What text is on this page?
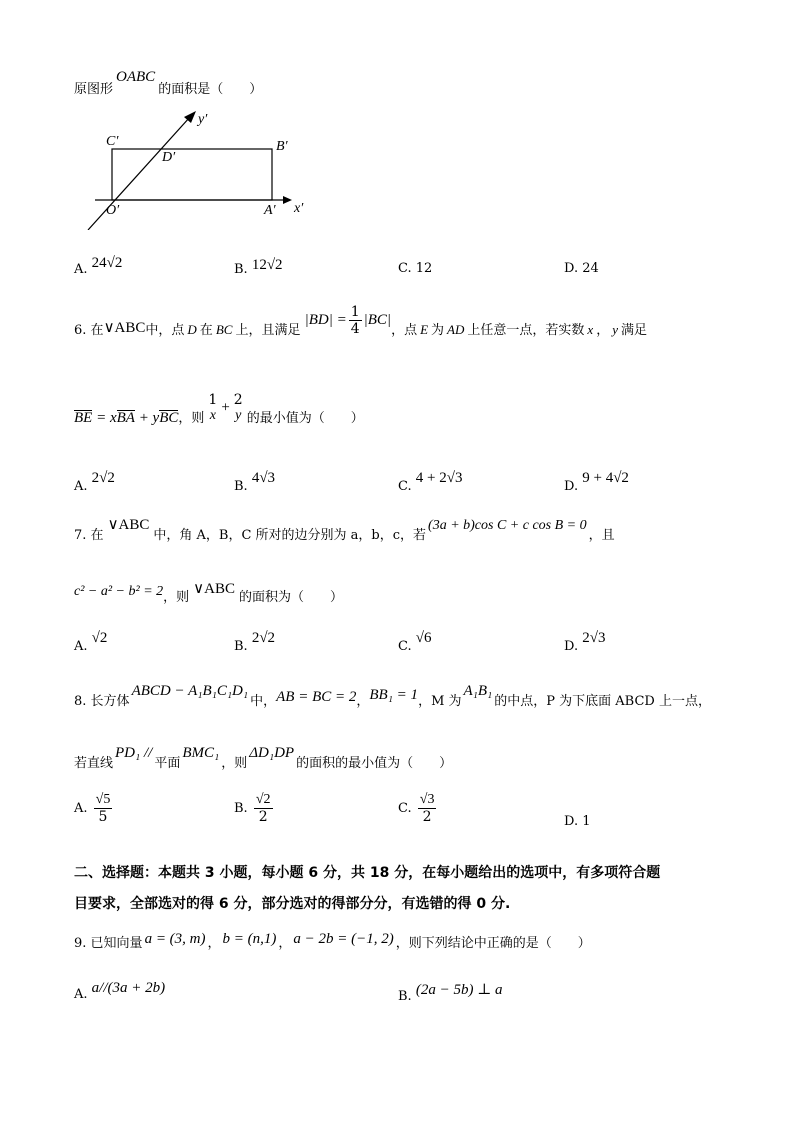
原图形OABC的面积是（　　）
C′	B′
D′
O′	A′ x′
y′
A. 24√2	B. 12√2	C. 12	D. 24
6. 在∨ABC中，点 D 在 BC 上，且满足 $|BD| = \frac{1}{4} |BC|$，点 E 为 AD 上任意一点，若实数 x ， y 满足
BE = xBA + yBC，则
1
x + 2
y 的最小值为（　　）
A. 2√2
B. 4√3
C. 4 + 2√3
D. 9 + 4√2
7. 在∨ABC中，角 A，B，C 所对的边分别为 a，b，c，若(3a + b)cos C + c cos B = 0，且
c² − a² − b² = 2，则∨ABC的面积为（　　）
A. √2
B. 2√2
C. √6
D. 2√3
8. 长方体ABCD − A₁B₁C₁D₁中，AB = BC = 2，BB₁ = 1，M 为A₁B₁的中点，P 为下底面 ABCD 上一点，
若直线PD₁ //平面BMC₁，则ΔD₁DP的面积的最小值为（　　）
A. $\frac{√5}{5}$	B. $\frac{√2}{2}$	C. $\frac{√3}{2}$	D. 1
二、选择题：本题共 3 小题，每小题 6 分，共 18 分，在每小题给出的选项中，有多项符合题
目要求，全部选对的得 6 分，部分选对的得部分分，有选错的得 0 分.
9. 已知向量 a = (3, m) ， b = (n,1) ， a − 2b = (−1, 2) ，则下列结论中正确的是（　　）
A. a//(3a + 2b)
B. (2a − 5b) ⊥ a
